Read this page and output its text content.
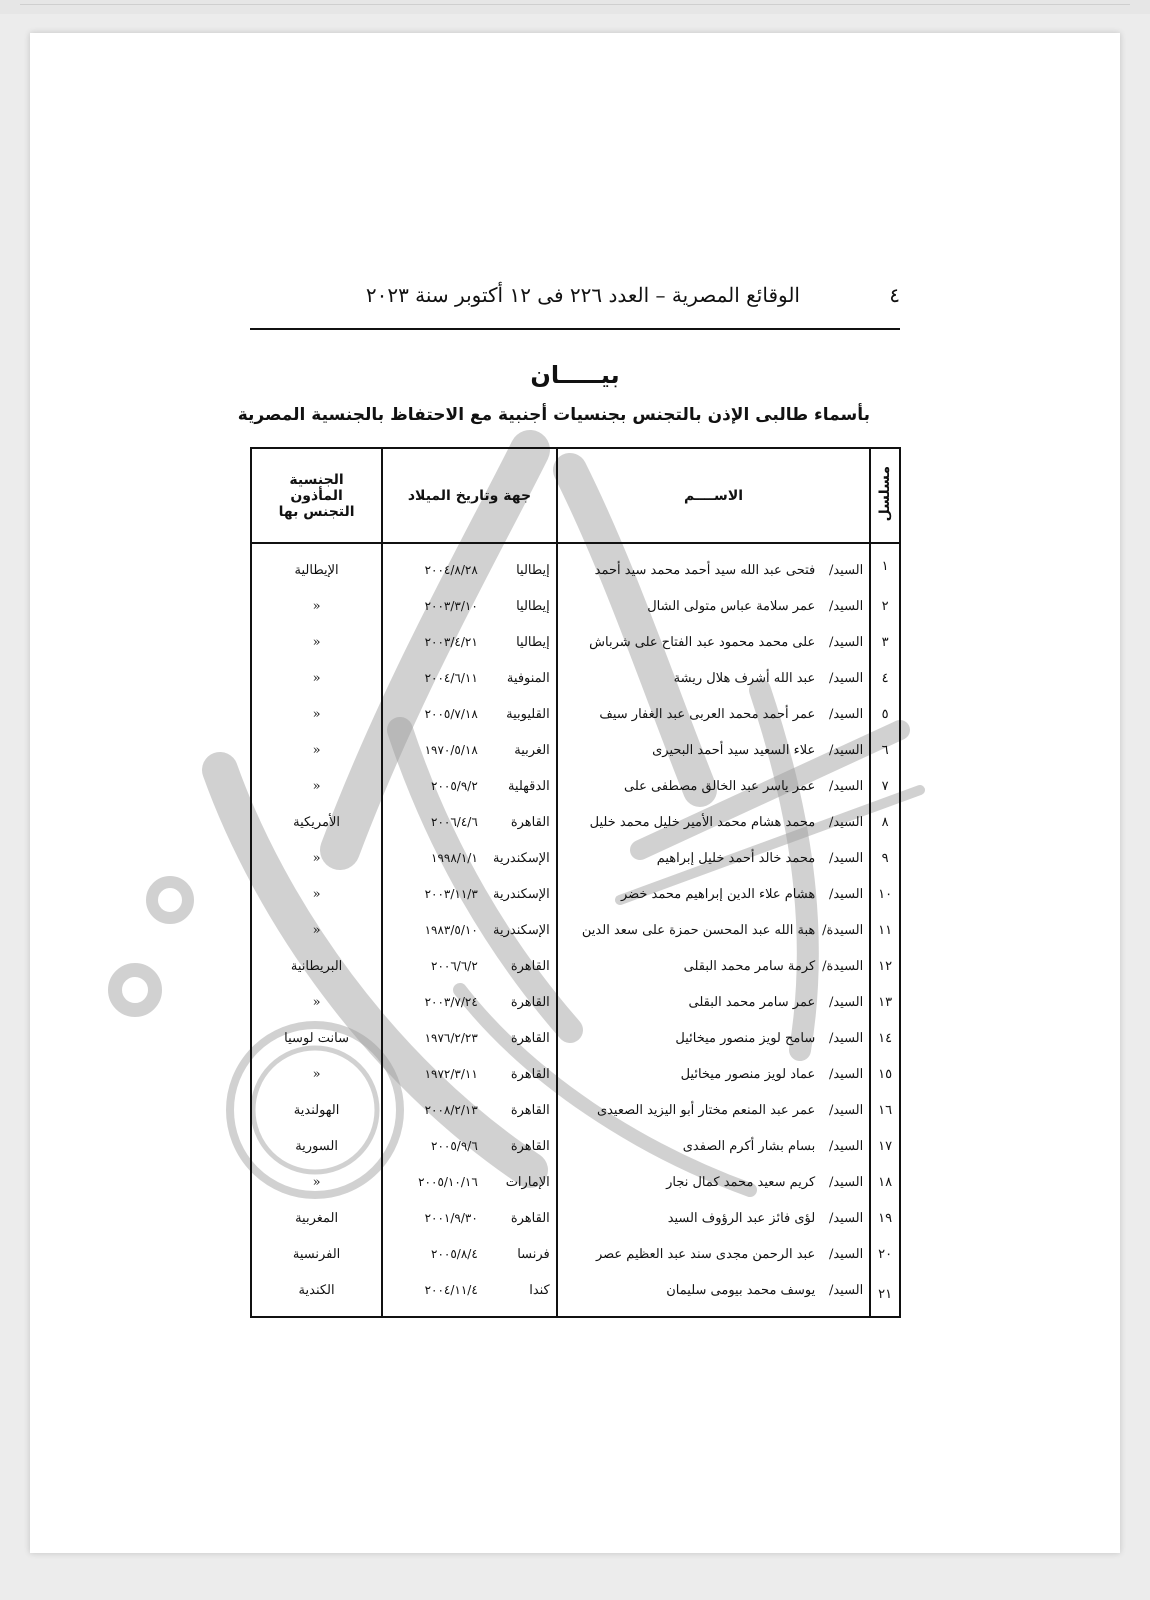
٤
الوقائع المصرية – العدد ٢٢٦ فى ١٢ أكتوبر سنة ٢٠٢٣
بيـــــان
بأسماء طالبى الإذن بالتجنس بجنسيات أجنبية مع الاحتفاظ بالجنسية المصرية
مسلسل	الاســــم	جهة وتاريخ الميلاد	الجنسية المأذون التجنس بها
١	السيد/فتحى عبد الله سيد أحمد محمد سيد أحمد	إيطاليا٢٠٠٤/٨/٢٨	الإيطالية
٢	السيد/عمر سلامة عباس متولى الشال	إيطاليا٢٠٠٣/٣/١٠	«
٣	السيد/على محمد محمود عبد الفتاح على شرباش	إيطاليا٢٠٠٣/٤/٢١	«
٤	السيد/عبد الله أشرف هلال ريشة	المنوفية٢٠٠٤/٦/١١	«
٥	السيد/عمر أحمد محمد العربى عبد الغفار سيف	القليوبية٢٠٠٥/٧/١٨	«
٦	السيد/علاء السعيد سيد أحمد البحيرى	الغربية١٩٧٠/٥/١٨	«
٧	السيد/عمر ياسر عبد الخالق مصطفى على	الدقهلية٢٠٠٥/٩/٢	«
٨	السيد/محمد هشام محمد الأمير خليل محمد خليل	القاهرة٢٠٠٦/٤/٦	الأمريكية
٩	السيد/محمد خالد أحمد خليل إبراهيم	الإسكندرية١٩٩٨/١/١	«
١٠	السيد/هشام علاء الدين إبراهيم محمد خضر	الإسكندرية٢٠٠٣/١١/٣	«
١١	السيدة/هبة الله عبد المحسن حمزة على سعد الدين	الإسكندرية١٩٨٣/٥/١٠	«
١٢	السيدة/كرمة سامر محمد البقلى	القاهرة٢٠٠٦/٦/٢	البريطانية
١٣	السيد/عمر سامر محمد البقلى	القاهرة٢٠٠٣/٧/٢٤	«
١٤	السيد/سامح لويز منصور ميخائيل	القاهرة١٩٧٦/٢/٢٣	سانت لوسيا
١٥	السيد/عماد لويز منصور ميخائيل	القاهرة١٩٧٢/٣/١١	«
١٦	السيد/عمر عبد المنعم مختار أبو اليزيد الصعيدى	القاهرة٢٠٠٨/٢/١٣	الهولندية
١٧	السيد/بسام بشار أكرم الصفدى	القاهرة٢٠٠٥/٩/٦	السورية
١٨	السيد/كريم سعيد محمد كمال نجار	الإمارات٢٠٠٥/١٠/١٦	«
١٩	السيد/لؤى فائز عبد الرؤوف السيد	القاهرة٢٠٠١/٩/٣٠	المغربية
٢٠	السيد/عبد الرحمن مجدى سند عبد العظيم عصر	فرنسا٢٠٠٥/٨/٤	الفرنسية
٢١	السيد/يوسف محمد بيومى سليمان	كندا٢٠٠٤/١١/٤	الكندية
